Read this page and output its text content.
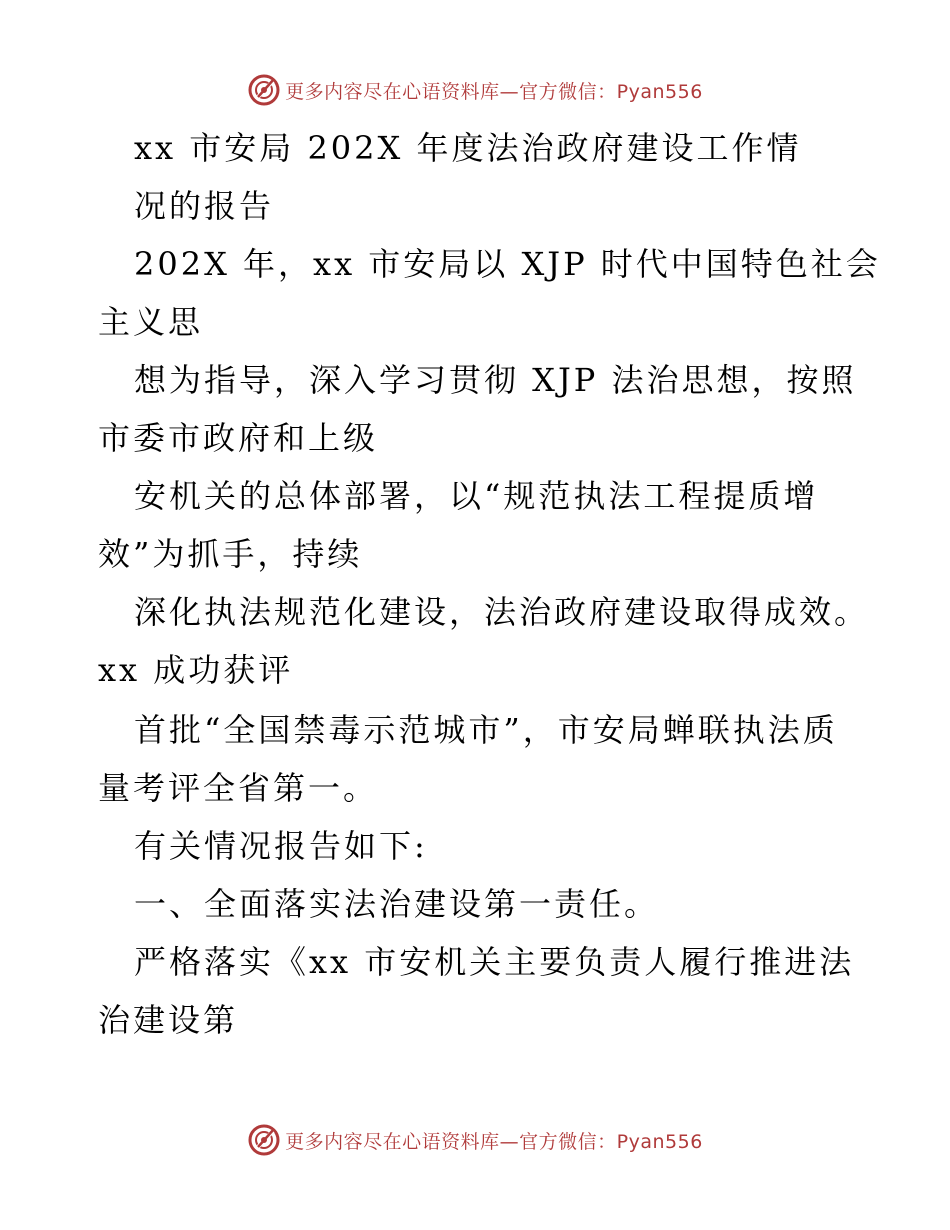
更多内容尽在心语资料库—官方微信：Pyan556
xx 市安局 202X 年度法治政府建设工作情
况的报告
202X 年，xx 市安局以 XJP 时代中国特色社会
主义思
想为指导，深入学习贯彻 XJP 法治思想，按照
市委市政府和上级
安机关的总体部署，以“规范执法工程提质增
效”为抓手，持续
深化执法规范化建设，法治政府建设取得成效。
xx 成功获评
首批“全国禁毒示范城市”，市安局蝉联执法质
量考评全省第一。
有关情况报告如下:
一、全面落实法治建设第一责任。
严格落实《xx 市安机关主要负责人履行推进法
治建设第
更多内容尽在心语资料库—官方微信：Pyan556
